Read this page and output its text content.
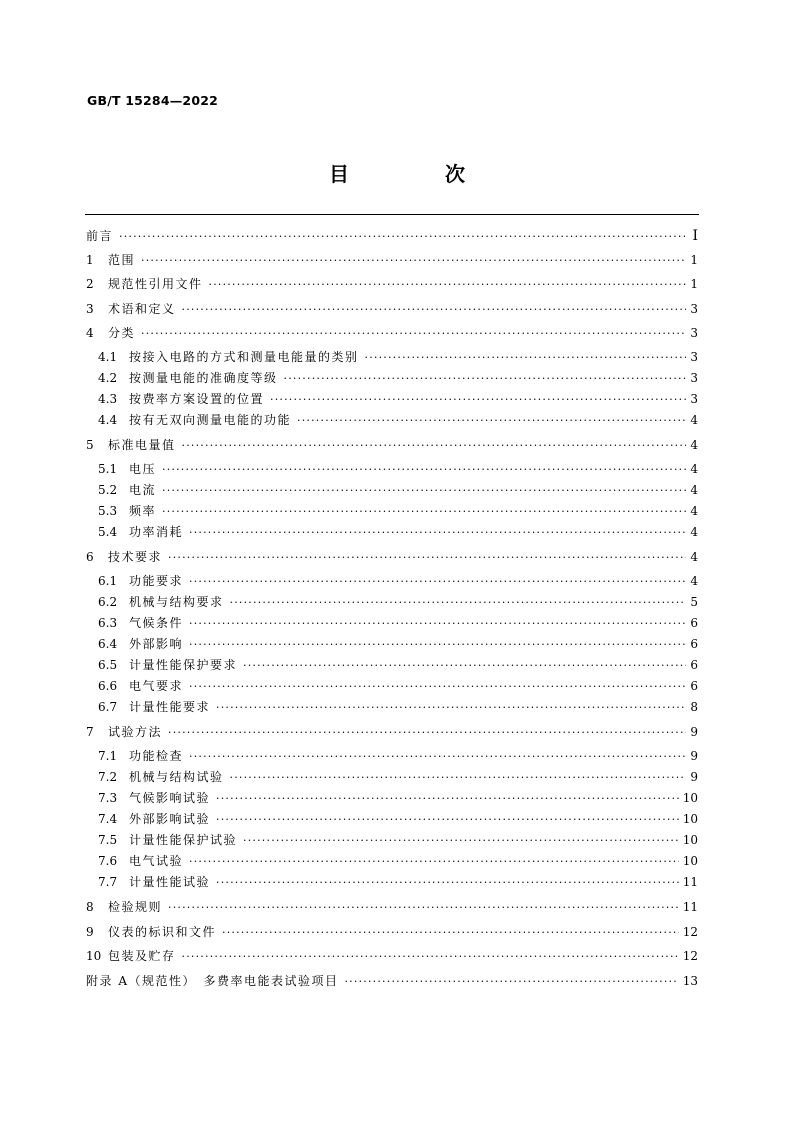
GB/T 15284—2022
目　次
前言 ·····	I
1	范围 ·····	1
2	规范性引用文件 ·····	1
3	术语和定义 ·····	3
4	分类 ·····	3
4.1 按接入电路的方式和测量电能量的类别 ·····	3
4.2 按测量电能的准确度等级 ·····	3
4.3 按费率方案设置的位置 ·····	3
4.4 按有无双向测量电能的功能 ·····	4
5	标准电量值 ·····	4
5.1 电压 ·····	4
5.2 电流 ·····	4
5.3 频率 ·····	4
5.4 功率消耗 ·····	4
6	技术要求 ·····	4
6.1 功能要求 ·····	4
6.2 机械与结构要求 ·····	5
6.3 气候条件 ·····	6
6.4 外部影响 ·····	6
6.5 计量性能保护要求 ·····	6
6.6 电气要求 ·····	6
6.7 计量性能要求 ·····	8
7	试验方法 ·····	9
7.1 功能检查 ·····	9
7.2 机械与结构试验 ·····	9
7.3 气候影响试验 ·····	10
7.4 外部影响试验 ·····	10
7.5 计量性能保护试验 ·····	10
7.6 电气试验 ·····	10
7.7 计量性能试验 ·····	11
8	检验规则 ·····	11
9	仪表的标识和文件 ·····	12
10 包装及贮存 ·····	12
附录 A（规范性）　多费率电能表试验项目 ·····	13
